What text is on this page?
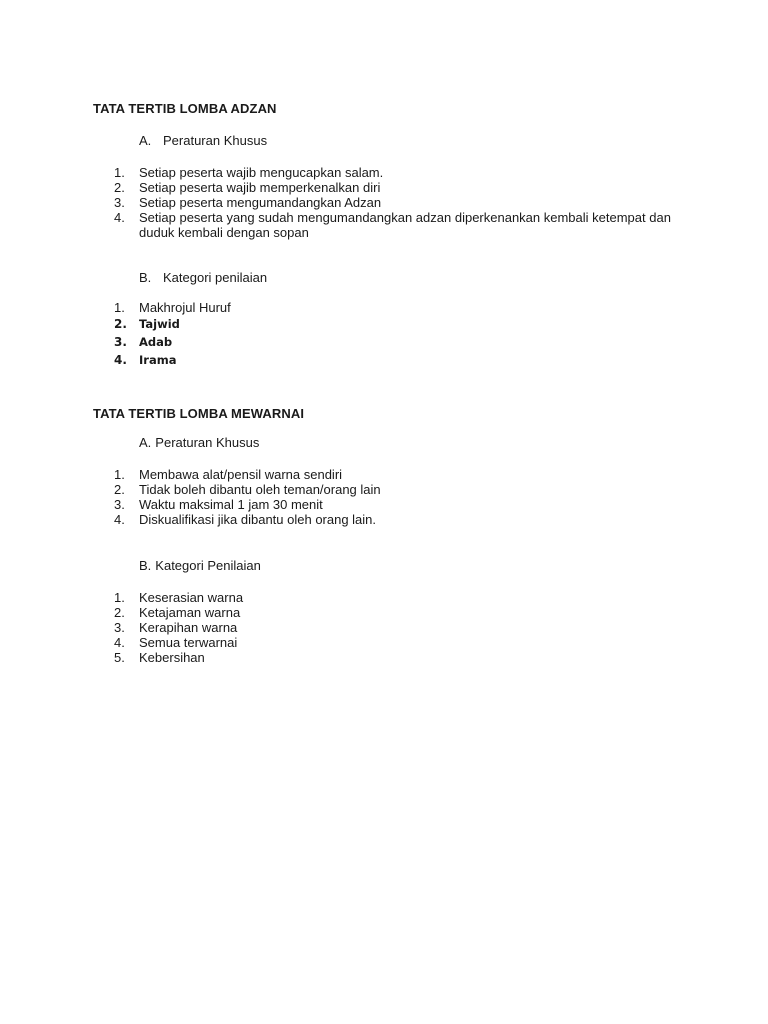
TATA TERTIB LOMBA ADZAN
A. Peraturan Khusus
1.	Setiap peserta wajib mengucapkan salam.
2.	Setiap peserta wajib memperkenalkan diri
3.	Setiap peserta mengumandangkan Adzan
4.	Setiap peserta yang sudah mengumandangkan adzan diperkenankan kembali ketempat dan duduk kembali dengan sopan
B. Kategori penilaian
1.	Makhrojul Huruf
2.	Tajwid
3.	Adab
4.	Irama
TATA TERTIB LOMBA MEWARNAI
A. Peraturan Khusus
1.	Membawa alat/pensil warna sendiri
2.	Tidak boleh dibantu oleh teman/orang lain
3.	Waktu maksimal 1 jam 30 menit
4.	Diskualifikasi jika dibantu oleh orang lain.
B. Kategori Penilaian
1.	Keserasian warna
2.	Ketajaman warna
3.	Kerapihan warna
4.	Semua terwarnai
5.	Kebersihan
